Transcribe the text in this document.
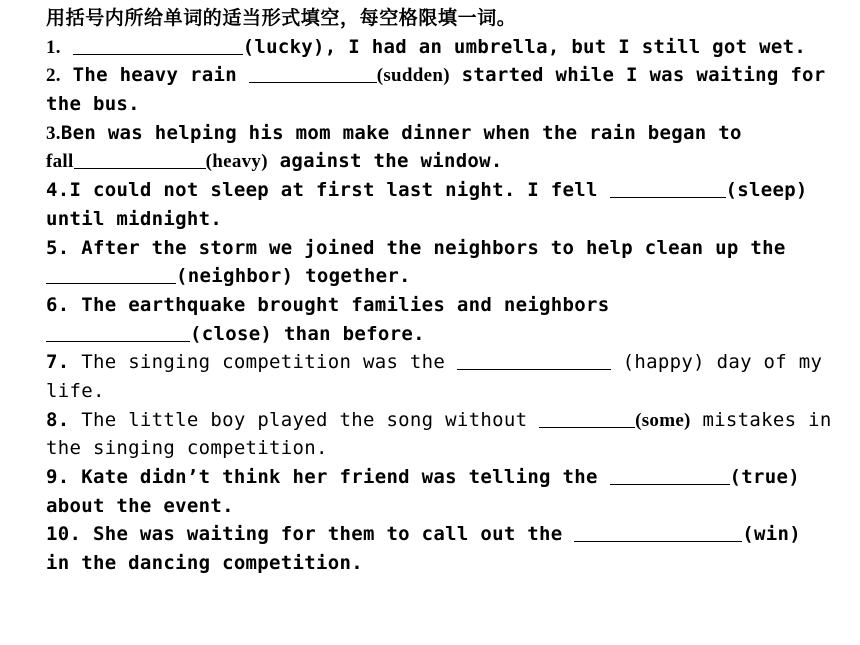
用括号内所给单词的适当形式填空，每空格限填一词。
1.	(lucky), I had an umbrella, but I still got wet.
2. The heavy rain	(sudden) started while I was waiting for
the bus.
3.Ben was helping his mom make dinner when the rain began to
fall	(heavy) against the window.
4.I could not sleep at first last night. I fell	(sleep)
until midnight.
5. After the storm we joined the neighbors to help clean up the
(neighbor) together.
6. The earthquake brought families and neighbors
(close) than before.
7. The singing competition was the	(happy) day of my
life.
8. The little boy played the song without	(some) mistakes in
the singing competition.
9. Kate didn’t think her friend was telling the	(true)
about the event.
10. She was waiting for them to call out the	(win)
in the dancing competition.
